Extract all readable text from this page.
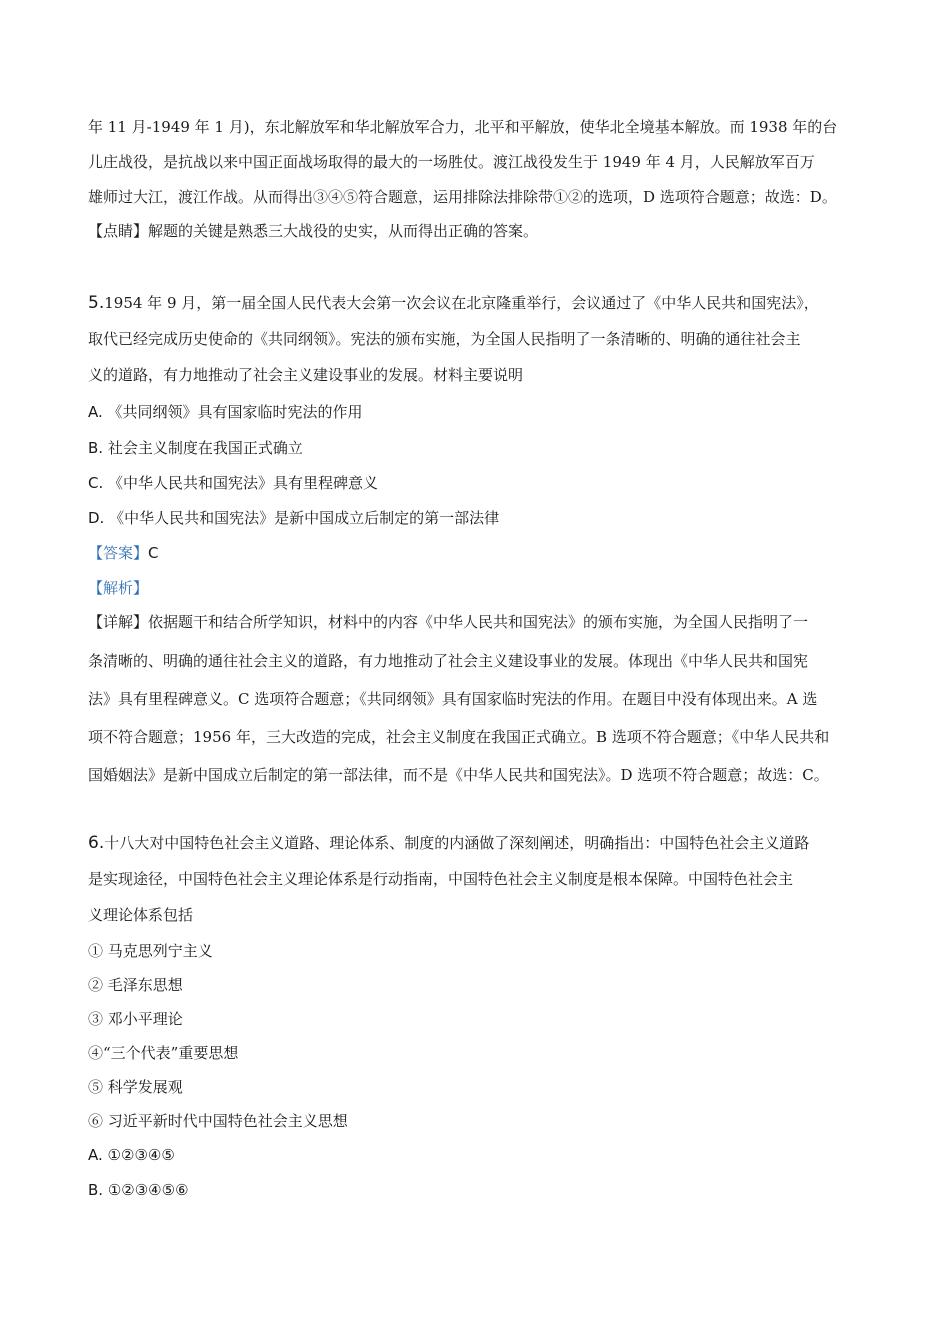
年 11 月-1949 年 1 月)，东北解放军和华北解放军合力，北平和平解放，使华北全境基本解放。而 1938 年的台
儿庄战役，是抗战以来中国正面战场取得的最大的一场胜仗。渡江战役发生于 1949 年 4 月，人民解放军百万
雄师过大江，渡江作战。从而得出③④⑤符合题意，运用排除法排除带①②的选项，D 选项符合题意；故选：D。
【点睛】解题的关键是熟悉三大战役的史实，从而得出正确的答案。
5.1954 年 9 月，第一届全国人民代表大会第一次会议在北京隆重举行，会议通过了《中华人民共和国宪法》，
取代已经完成历史使命的《共同纲领》。宪法的颁布实施，为全国人民指明了一条清晰的、明确的通往社会主
义的道路，有力地推动了社会主义建设事业的发展。材料主要说明
A. 《共同纲领》具有国家临时宪法的作用
B. 社会主义制度在我国正式确立
C. 《中华人民共和国宪法》具有里程碑意义
D. 《中华人民共和国宪法》是新中国成立后制定的第一部法律
【答案】C
【解析】
【详解】依据题干和结合所学知识，材料中的内容《中华人民共和国宪法》的颁布实施，为全国人民指明了一
条清晰的、明确的通往社会主义的道路，有力地推动了社会主义建设事业的发展。体现出《中华人民共和国宪
法》具有里程碑意义。C 选项符合题意；《共同纲领》具有国家临时宪法的作用。在题目中没有体现出来。A 选
项不符合题意；1956 年，三大改造的完成，社会主义制度在我国正式确立。B 选项不符合题意；《中华人民共和
国婚姻法》是新中国成立后制定的第一部法律，而不是《中华人民共和国宪法》。D 选项不符合题意；故选：C。
6.十八大对中国特色社会主义道路、理论体系、制度的内涵做了深刻阐述，明确指出：中国特色社会主义道路
是实现途径，中国特色社会主义理论体系是行动指南，中国特色社会主义制度是根本保障。中国特色社会主
义理论体系包括
① 马克思列宁主义
② 毛泽东思想
③ 邓小平理论
④“三个代表”重要思想
⑤ 科学发展观
⑥ 习近平新时代中国特色社会主义思想
A. ①②③④⑤
B. ①②③④⑤⑥
